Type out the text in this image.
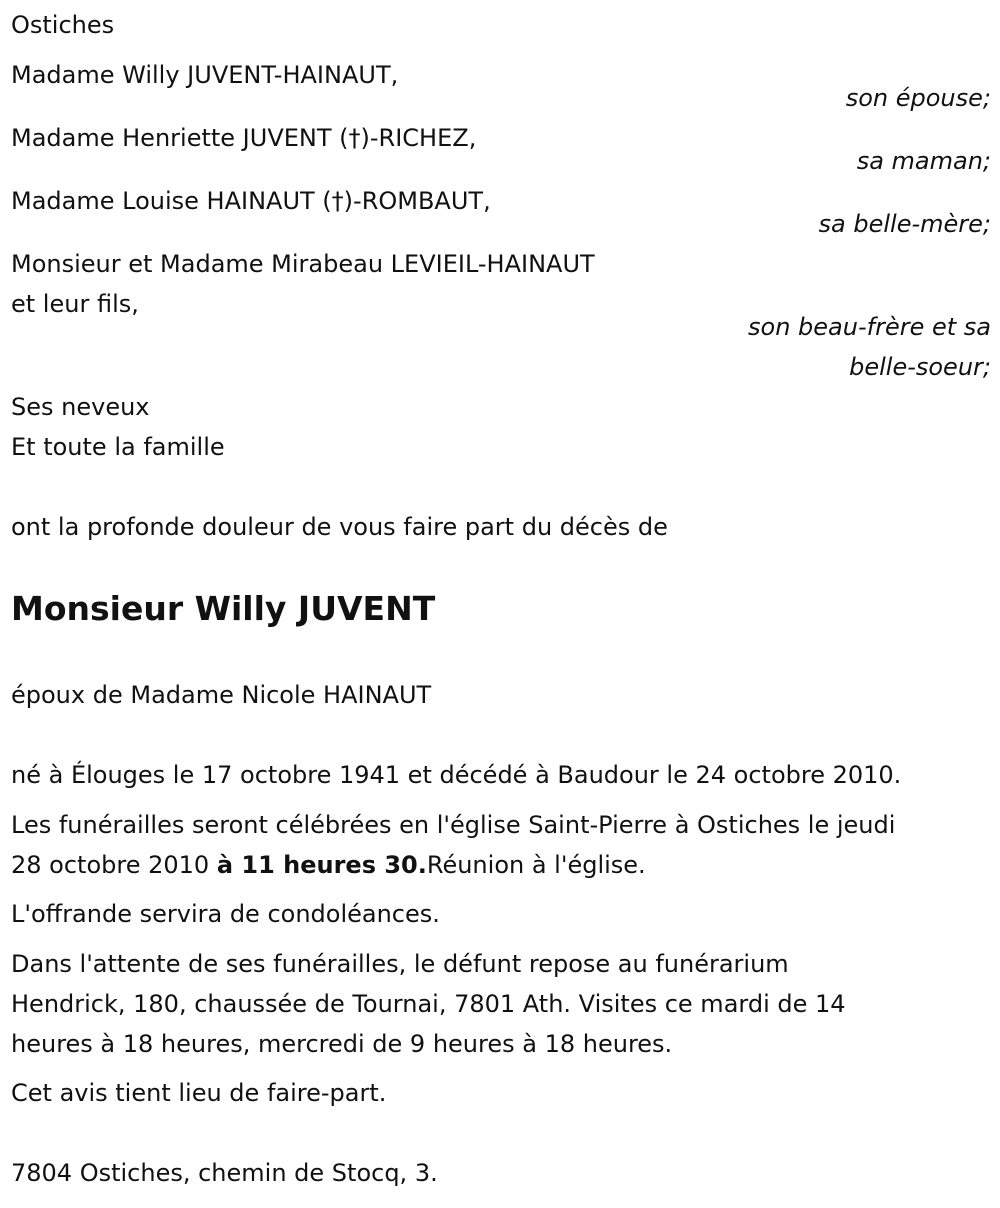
Ostiches
Madame Willy JUVENT-HAINAUT,
son épouse;
Madame Henriette JUVENT (†)-RICHEZ,
sa maman;
Madame Louise HAINAUT (†)-ROMBAUT,
sa belle-mère;
Monsieur et Madame Mirabeau LEVIEIL-HAINAUT
et leur fils,
son beau-frère et sa
belle-soeur;
Ses neveux
Et toute la famille
ont la profonde douleur de vous faire part du décès de
Monsieur Willy JUVENT
époux de Madame Nicole HAINAUT
né à Élouges le 17 octobre 1941 et décédé à Baudour le 24 octobre 2010.
Les funérailles seront célébrées en l'église Saint-Pierre à Ostiches le jeudi
28 octobre 2010 à 11 heures 30.Réunion à l'église.
L'offrande servira de condoléances.
Dans l'attente de ses funérailles, le défunt repose au funérarium
Hendrick, 180, chaussée de Tournai, 7801 Ath. Visites ce mardi de 14
heures à 18 heures, mercredi de 9 heures à 18 heures.
Cet avis tient lieu de faire-part.
7804 Ostiches, chemin de Stocq, 3.
